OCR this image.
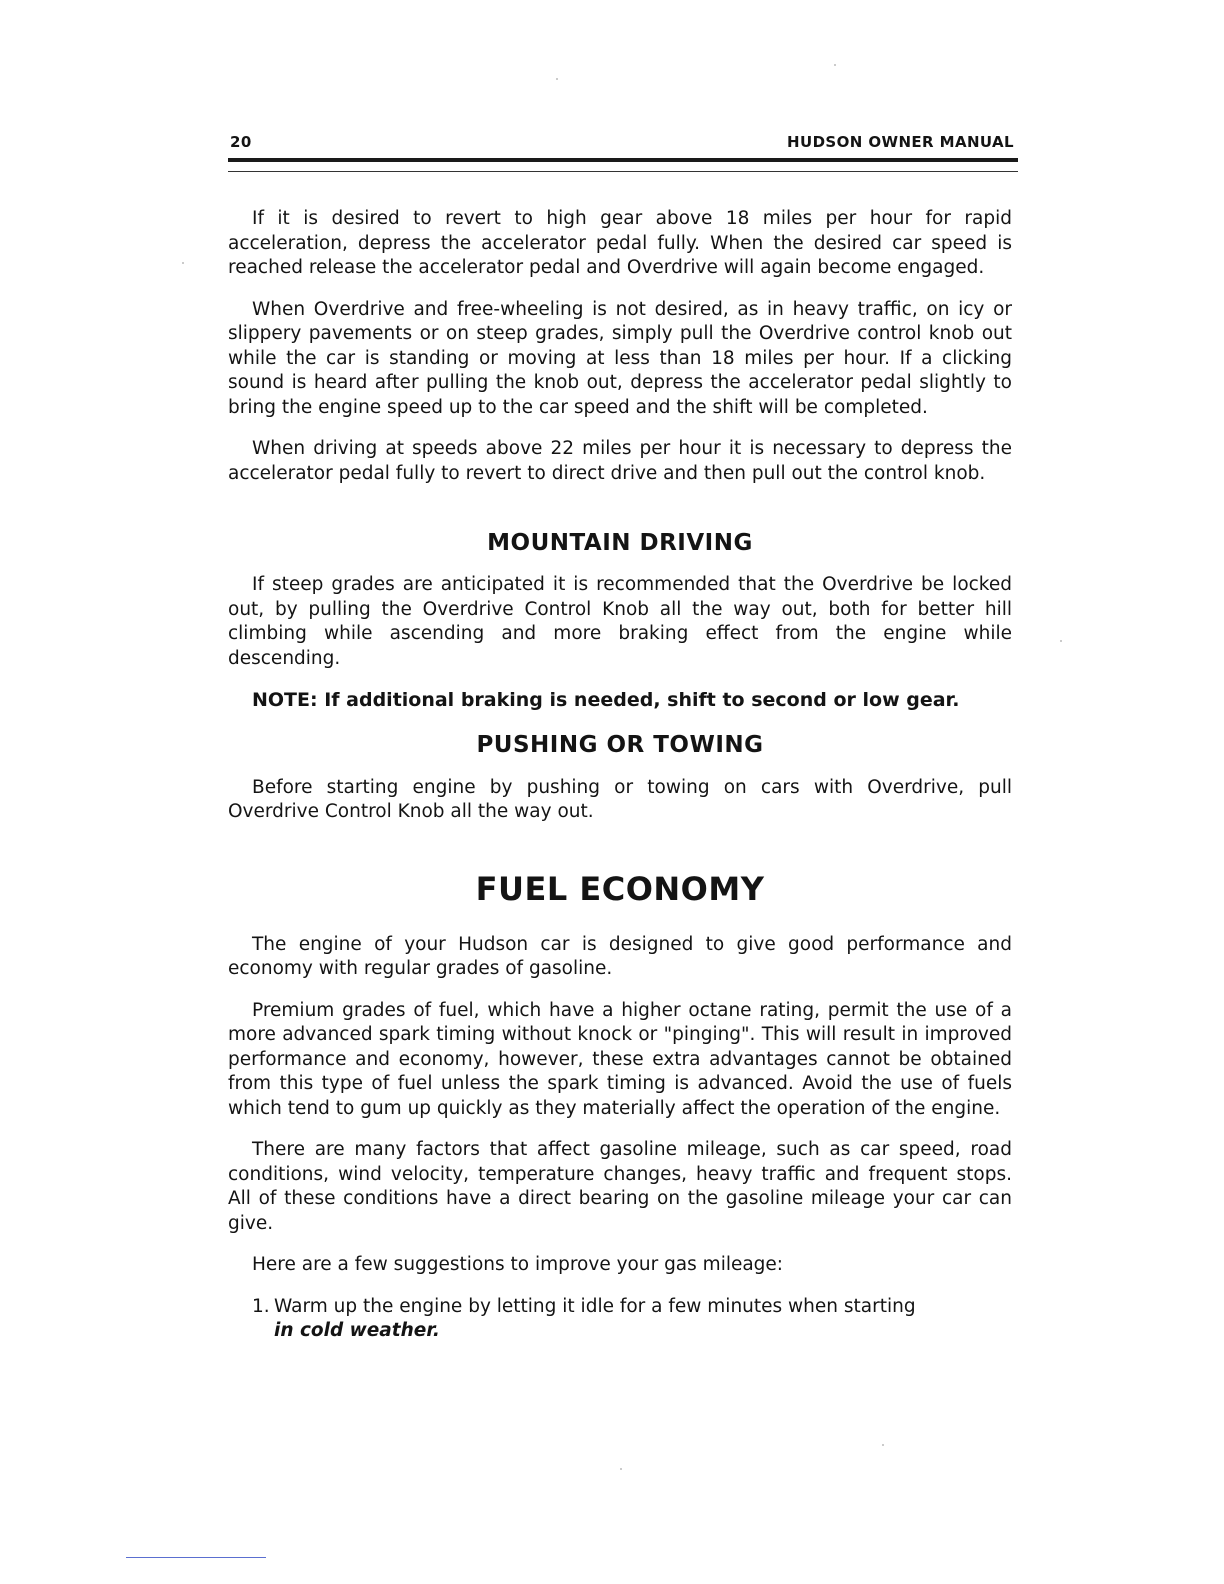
20	HUDSON OWNER MANUAL

If it is desired to revert to high gear above 18 miles per hour for rapid acceleration, depress the accelerator pedal fully. When the desired car speed is reached release the accelerator pedal and Overdrive will again become engaged.

When Overdrive and free-wheeling is not desired, as in heavy traffic, on icy or slippery pavements or on steep grades, simply pull the Overdrive control knob out while the car is standing or moving at less than 18 miles per hour. If a clicking sound is heard after pulling the knob out, depress the accelerator pedal slightly to bring the engine speed up to the car speed and the shift will be completed.

When driving at speeds above 22 miles per hour it is necessary to depress the accelerator pedal fully to revert to direct drive and then pull out the control knob.

MOUNTAIN DRIVING

If steep grades are anticipated it is recommended that the Overdrive be locked out, by pulling the Overdrive Control Knob all the way out, both for better hill climbing while ascending and more braking effect from the engine while descending.

NOTE: If additional braking is needed, shift to second or low gear.

PUSHING OR TOWING

Before starting engine by pushing or towing on cars with Overdrive, pull Overdrive Control Knob all the way out.

FUEL ECONOMY

The engine of your Hudson car is designed to give good performance and economy with regular grades of gasoline.

Premium grades of fuel, which have a higher octane rating, permit the use of a more advanced spark timing without knock or "pinging". This will result in improved performance and economy, however, these extra advantages cannot be obtained from this type of fuel unless the spark timing is advanced. Avoid the use of fuels which tend to gum up quickly as they materially affect the operation of the engine.

There are many factors that affect gasoline mileage, such as car speed, road conditions, wind velocity, temperature changes, heavy traffic and frequent stops. All of these conditions have a direct bearing on the gasoline mileage your car can give.

Here are a few suggestions to improve your gas mileage:

1. Warm up the engine by letting it idle for a few minutes when starting
in cold weather.
